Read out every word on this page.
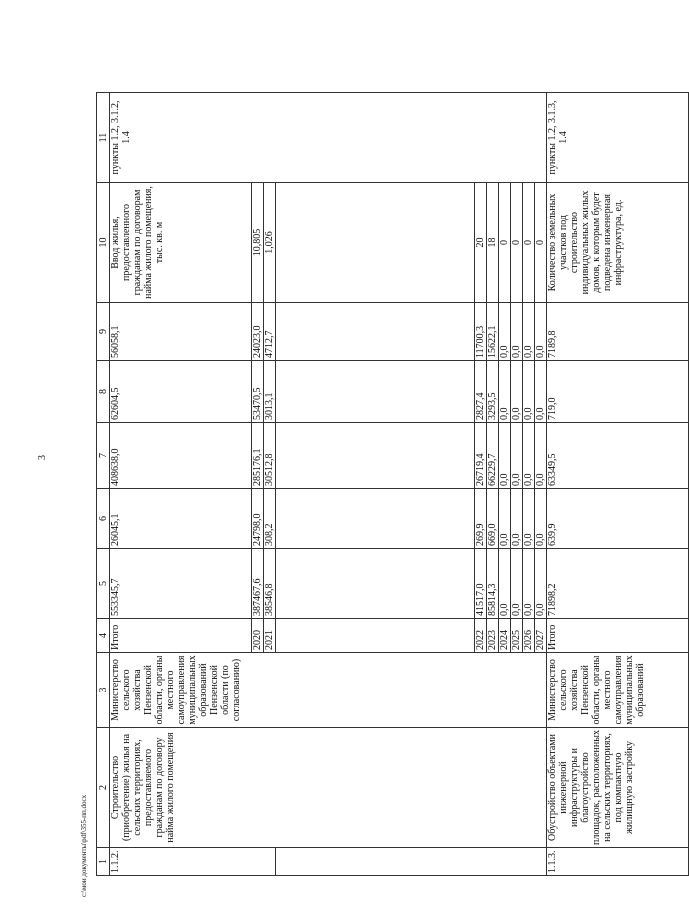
3
1	2	3	4	5	6	7	8	9	10	11	
1.1.2.	Строительство (приобретение) жилья на сельских территориях, предоставляемого гражданам по договору найма жилого помещения	Министерство сельского хозяйства Пензенской области, органы местного самоуправления муниципальных образований Пензенской области (по согласованию)	Итого	553345,7	26045,1	408638,0	62604,5	56058,1	Ввод жилья, предоставленного гражданам по договорам найма жилого помещения, тыс. кв. м	пункты 1.2, 3.1.2, 1.4	
			2020	387467,6	24798,0	285176,1	53470,5	24023,0	10,805		
			2021	38546,8	308,2	30512,8	3013,1	4712,7	1,026		

			2022	41517,0	269,9	26719,4	2827,4	11700,3	20		
			2023	85814,3	669,0	66229,7	3293,5	15622,1	18		
			2024	0,0	0,0	0,0	0,0	0,0	0		
			2025	0,0	0,0	0,0	0,0	0,0	0		
			2026	0,0	0,0	0,0	0,0	0,0	0		
			2027	0,0	0,0	0,0	0,0	0,0	0		
1.1.3.	Обустройство объектами инженерной инфраструктуры и благоустройство площадок, расположенных на сельских территориях, под компактную жилищную застройку	Министерство сельского хозяйства Пензенской области, органы местного самоуправления муниципальных образований	Итого	71898,2	639,9	63349,5	719,0	7189,8	Количество земельных участков под строительство индивидуальных жилых домов, к которым будет подведена инженерная инфраструктура, ед.	пункты 1.2, 3.1.3, 1.4	
c:\мои документы\pdf\355-пп.docx
